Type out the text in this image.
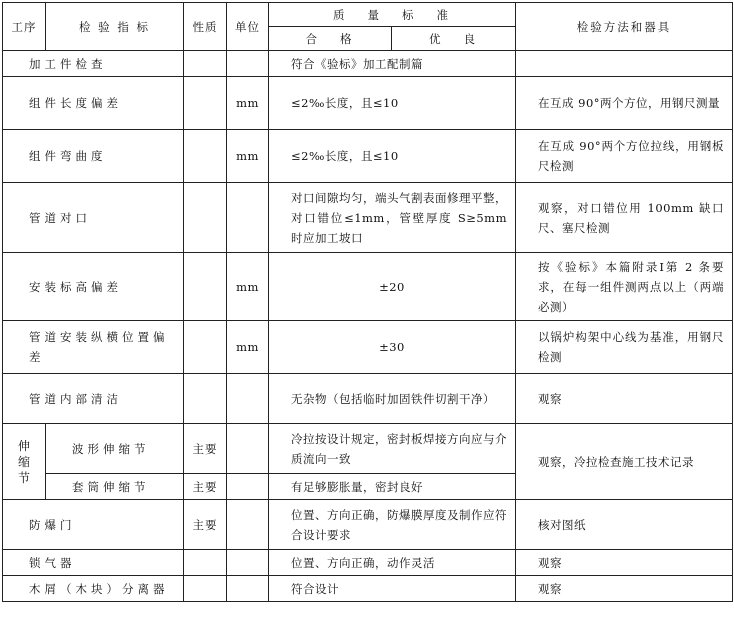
工序	检 验 指 标	性质	单位	质   量   标   准		检验方法和器具
				合   格	优   良	
加工件检查				符合《验标》加工配制篇		
组件长度偏差			mm	≤2‰长度，且≤10		在互成 90°两个方位，用钢尺测量
组件弯曲度			mm	≤2‰长度，且≤10		在互成 90°两个方位拉线，用钢板尺检测
管道对口				对口间隙均匀，端头气割表面修理平整，对口错位≤1mm，管壁厚度 S≥5mm 时应加工坡口		观察，对口错位用 100mm 缺口尺、塞尺检测
安装标高偏差			mm	±20		按《验标》本篇附录Ⅰ第 2 条要求，在每一组件测两点以上（两端必测）
管道安装纵横位置偏差			mm	±30		以锅炉构架中心线为基准，用钢尺检测
管道内部清洁				无杂物（包括临时加固铁件切割干净）		观察
伸缩节	波形伸缩节	主要		冷拉按设计规定，密封板焊接方向应与介质流向一致		观察，冷拉检查施工技术记录
	套筒伸缩节	主要		有足够膨胀量，密封良好		
防爆门		主要		位置、方向正确，防爆膜厚度及制作应符合设计要求		核对图纸
锁气器				位置、方向正确，动作灵活		观察
木屑（木块）分离器				符合设计		观察
